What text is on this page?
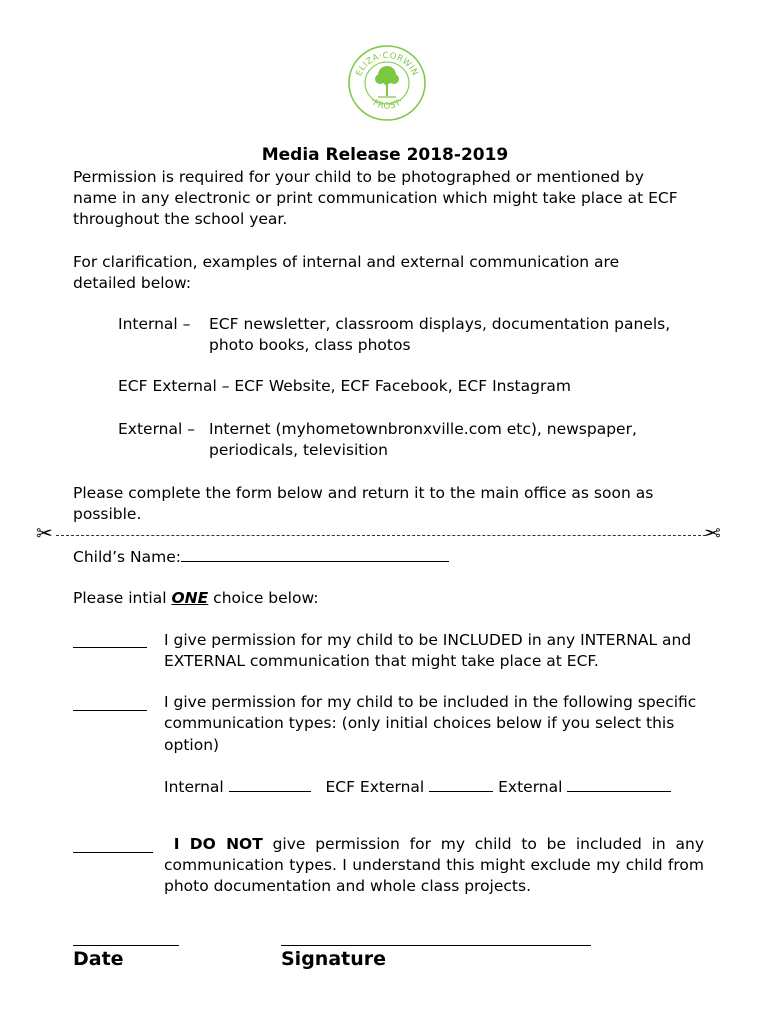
ELIZA·CORWIN
·FROST·
Media Release 2018-2019
Permission is required for your child to be photographed or mentioned by
name in any electronic or print communication which might take place at ECF
throughout the school year.
For clarification, examples of internal and external communication are
detailed below:
Internal – ECF newsletter, classroom displays, documentation panels,
photo books, class photos
ECF External – ECF Website, ECF Facebook, ECF Instagram
External – Internet (myhometownbronxville.com etc), newspaper,
periodicals, televisition
Please complete the form below and return it to the main office as soon as
possible.
✂	✂
Child’s Name:
Please intial ONE choice below:
I give permission for my child to be INCLUDED in any INTERNAL and
EXTERNAL communication that might take place at ECF.
I give permission for my child to be included in the following specific
communication types: (only initial choices below if you select this
option)
Internal	ECF External	External
I DO NOT give permission for my child to be included in any communication types. I understand this might exclude my child from photo documentation and whole class projects.
Date	Signature
